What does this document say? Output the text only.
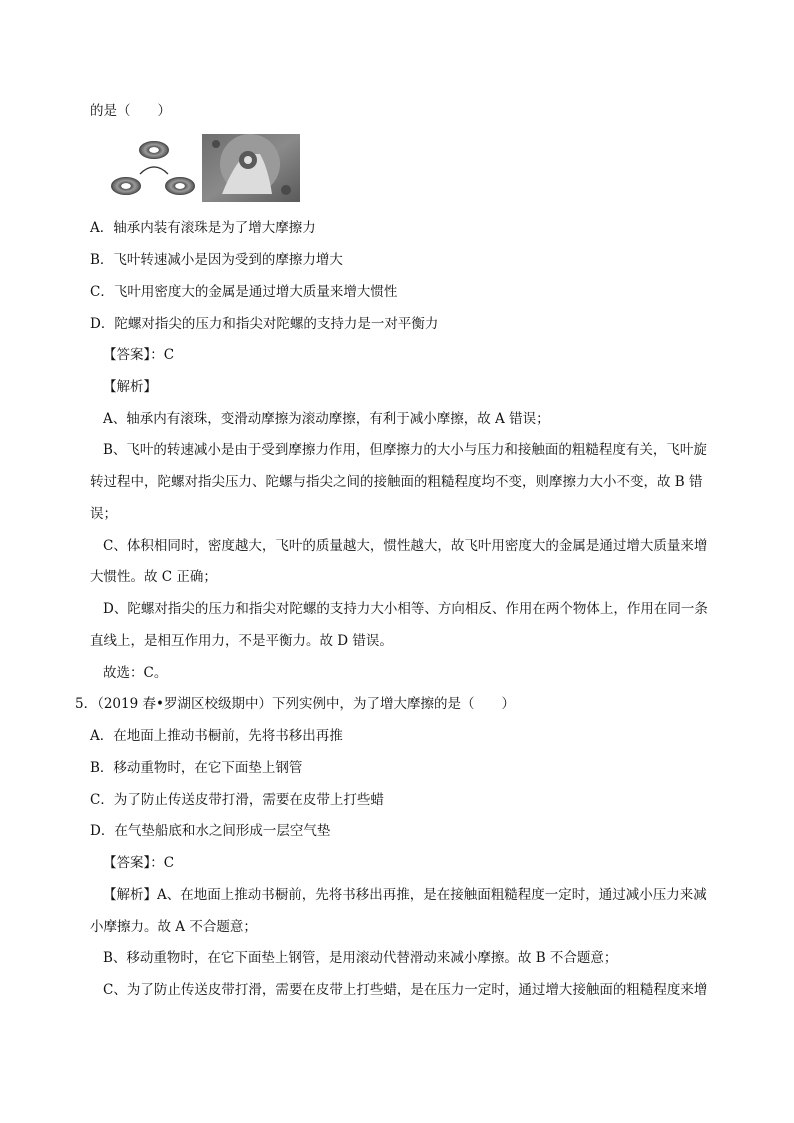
的是（　　）
A．轴承内装有滚珠是为了增大摩擦力
B．飞叶转速减小是因为受到的摩擦力增大
C．飞叶用密度大的金属是通过增大质量来增大惯性
D．陀螺对指尖的压力和指尖对陀螺的支持力是一对平衡力
【答案】：C
【解析】
A、轴承内有滚珠，变滑动摩擦为滚动摩擦，有利于减小摩擦，故 A 错误；
B、飞叶的转速减小是由于受到摩擦力作用，但摩擦力的大小与压力和接触面的粗糙程度有关，飞叶旋
转过程中，陀螺对指尖压力、陀螺与指尖之间的接触面的粗糙程度均不变，则摩擦力大小不变，故 B 错
误；
C、体积相同时，密度越大，飞叶的质量越大，惯性越大，故飞叶用密度大的金属是通过增大质量来增
大惯性。故 C 正确；
D、陀螺对指尖的压力和指尖对陀螺的支持力大小相等、方向相反、作用在两个物体上，作用在同一条
直线上，是相互作用力，不是平衡力。故 D 错误。
故选：C。
5．（2019 春•罗湖区校级期中）下列实例中，为了增大摩擦的是（　　）
A．在地面上推动书橱前，先将书移出再推
B．移动重物时，在它下面垫上钢管
C．为了防止传送皮带打滑，需要在皮带上打些蜡
D．在气垫船底和水之间形成一层空气垫
【答案】：C
【解析】A、在地面上推动书橱前，先将书移出再推，是在接触面粗糙程度一定时，通过减小压力来减
小摩擦力。故 A 不合题意；
B、移动重物时，在它下面垫上钢管，是用滚动代替滑动来减小摩擦。故 B 不合题意；
C、为了防止传送皮带打滑，需要在皮带上打些蜡，是在压力一定时，通过增大接触面的粗糙程度来增
